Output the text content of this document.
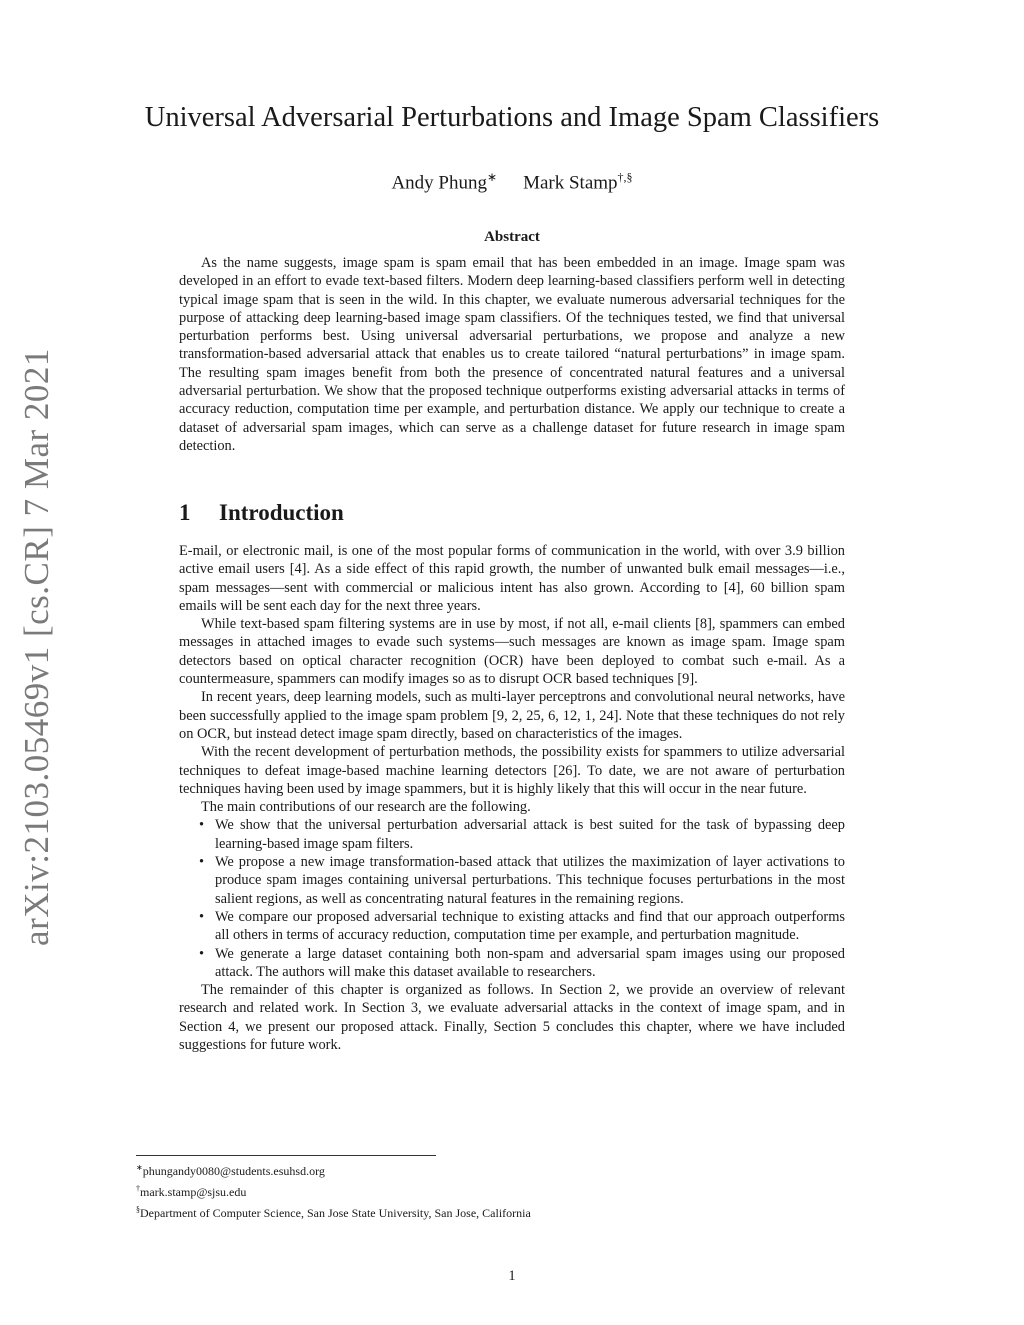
arXiv:2103.05469v1 [cs.CR] 7 Mar 2021
Universal Adversarial Perturbations and Image Spam Classifiers
Andy Phung∗ Mark Stamp†,§
Abstract

As the name suggests, image spam is spam email that has been embedded in an image. Image spam was developed in an effort to evade text-based filters. Modern deep learning-based classifiers perform well in detecting typical image spam that is seen in the wild. In this chapter, we evaluate numerous adversarial techniques for the purpose of attacking deep learning-based image spam classifiers. Of the techniques tested, we find that universal perturbation performs best. Using universal adversarial perturbations, we propose and analyze a new transformation-based adversarial attack that enables us to create tailored “natural perturbations” in image spam. The resulting spam images benefit from both the presence of concentrated natural features and a universal adversarial perturbation. We show that the proposed technique outperforms existing adversarial attacks in terms of accuracy reduction, computation time per example, and perturbation distance. We apply our technique to create a dataset of adversarial spam images, which can serve as a challenge dataset for future research in image spam detection.

1 Introduction

E-mail, or electronic mail, is one of the most popular forms of communication in the world, with over 3.9 billion active email users [4]. As a side effect of this rapid growth, the number of unwanted bulk email messages—i.e., spam messages—sent with commercial or malicious intent has also grown. According to [4], 60 billion spam emails will be sent each day for the next three years.

While text-based spam filtering systems are in use by most, if not all, e-mail clients [8], spammers can embed messages in attached images to evade such systems—such messages are known as image spam. Image spam detectors based on optical character recognition (OCR) have been deployed to combat such e-mail. As a countermeasure, spammers can modify images so as to disrupt OCR based techniques [9].

In recent years, deep learning models, such as multi-layer perceptrons and convolutional neural networks, have been successfully applied to the image spam problem [9, 2, 25, 6, 12, 1, 24]. Note that these techniques do not rely on OCR, but instead detect image spam directly, based on characteristics of the images.

With the recent development of perturbation methods, the possibility exists for spammers to utilize adversarial techniques to defeat image-based machine learning detectors [26]. To date, we are not aware of perturbation techniques having been used by image spammers, but it is highly likely that this will occur in the near future.

The main contributions of our research are the following.

• We show that the universal perturbation adversarial attack is best suited for the task of bypassing deep learning-based image spam filters.
• We propose a new image transformation-based attack that utilizes the maximization of layer activations to produce spam images containing universal perturbations. This technique focuses perturbations in the most salient regions, as well as concentrating natural features in the remaining regions.
• We compare our proposed adversarial technique to existing attacks and find that our approach outperforms all others in terms of accuracy reduction, computation time per example, and perturbation magnitude.
• We generate a large dataset containing both non-spam and adversarial spam images using our proposed attack. The authors will make this dataset available to researchers.

The remainder of this chapter is organized as follows. In Section 2, we provide an overview of relevant research and related work. In Section 3, we evaluate adversarial attacks in the context of image spam, and in Section 4, we present our proposed attack. Finally, Section 5 concludes this chapter, where we have included suggestions for future work.

∗phungandy0080@students.esuhsd.org
†mark.stamp@sjsu.edu
§Department of Computer Science, San Jose State University, San Jose, California
1
